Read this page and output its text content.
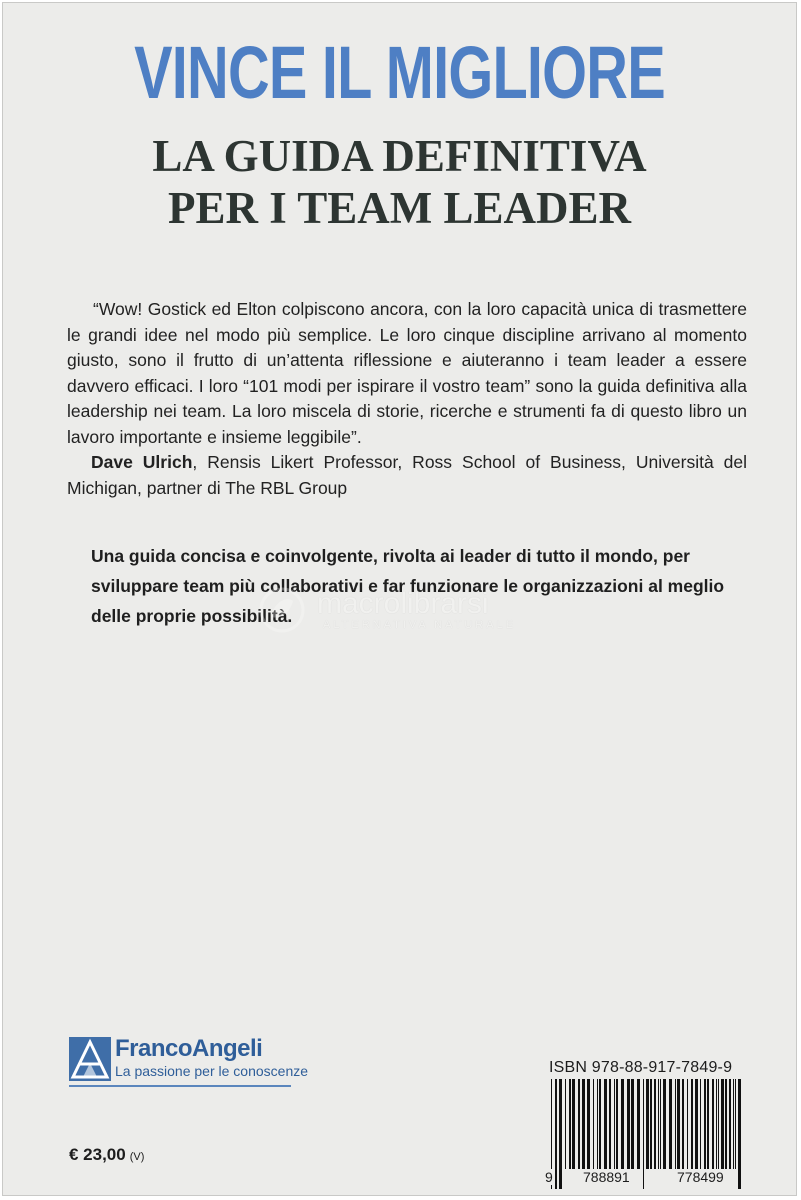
VINCE IL MIGLIORE
LA GUIDA DEFINITIVA
PER I TEAM LEADER

“Wow! Gostick ed Elton colpiscono ancora, con la loro capacità unica di trasmettere le grandi idee nel modo più semplice. Le loro cinque discipline arrivano al momento giusto, sono il frutto di un’attenta riflessione e aiuteranno i team leader a essere davvero efficaci. I loro “101 modi per ispirare il vostro team” sono la guida definitiva alla leadership nei team. La loro miscela di storie, ricerche e strumenti fa di questo libro un lavoro importante e insieme leggibile”.

Dave Ulrich, Rensis Likert Professor, Ross School of Business, Università del Michigan, partner di The RBL Group

Una guida concisa e coinvolgente, rivolta ai leader di tutto il mondo, per sviluppare team più collaborativi e far funzionare le organizzazioni al meglio delle proprie possibilità. macrolibrarsi
ALTERNATIVA NATURALE
FrancoAngeli
La passione per le conoscenze
€ 23,00 (V)
ISBN 978-88-917-7849-9
9 788891	778499
